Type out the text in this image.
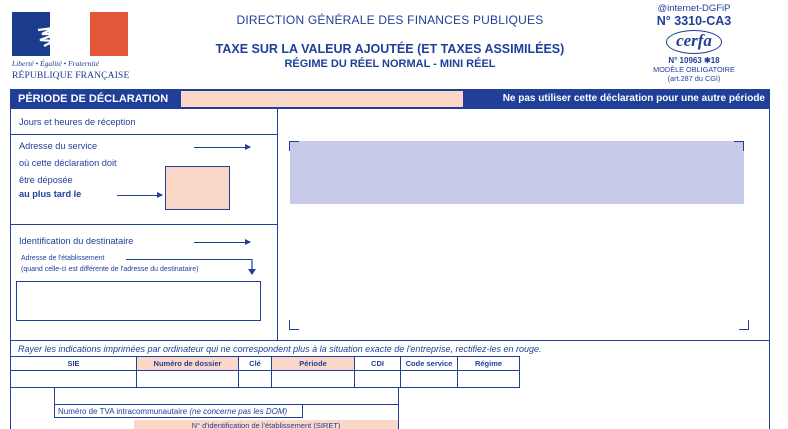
Liberté • Égalité • Fraternité
RÉPUBLIQUE FRANÇAISE
DIRECTION GÉNÉRALE DES FINANCES PUBLIQUES
TAXE SUR LA VALEUR AJOUTÉE (ET TAXES ASSIMILÉES)
RÉGIME DU RÉEL NORMAL - MINI RÉEL
@internet-DGFiP
N° 3310-CA3
cerfa
N° 10963 ✱18
MODÈLE OBLIGATOIRE
(art.287 du CGI)
PÉRIODE DE DÉCLARATION	Ne pas utiliser cette déclaration pour une autre période
Jours et heures de réception
Adresse du service
où cette déclaration doit
être déposée
au plus tard le
Identification du destinataire
Adresse de l'établissement
(quand celle-ci est différente de l'adresse du destinataire)
Rayer les indications imprimées par ordinateur qui ne correspondent plus à la situation exacte de l'entreprise, rectifiez-les en rouge.
SIE	Numéro de dossier	Clé	Période	CDI	Code service	Régime
Numéro de TVA intracommunautaire (ne concerne pas les DOM)
N° d'identification de l'établissement (SIRET)
